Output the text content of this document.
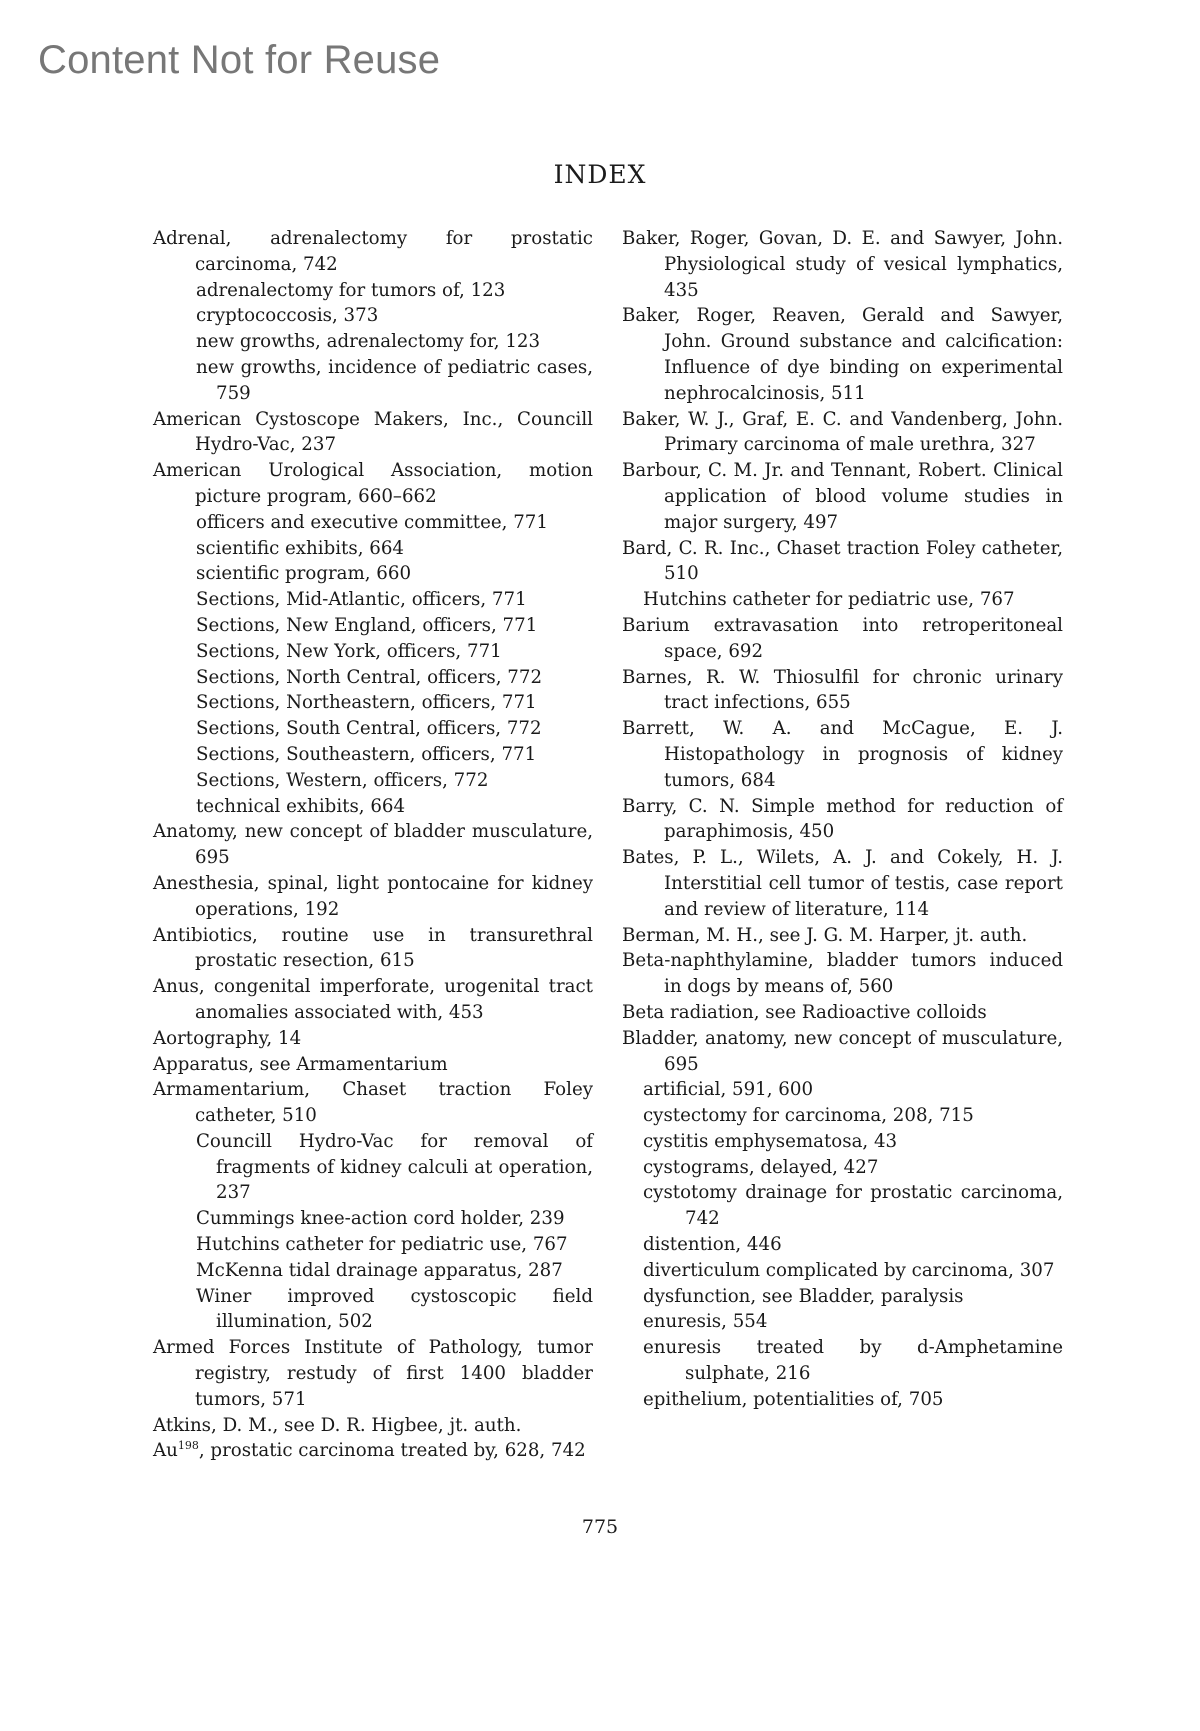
Content Not for Reuse
INDEX
Adrenal, adrenalectomy for prostatic carcinoma, 742
adrenalectomy for tumors of, 123
cryptococcosis, 373
new growths, adrenalectomy for, 123
new growths, incidence of pediatric cases, 759
American Cystoscope Makers, Inc., Councill Hydro-Vac, 237
American Urological Association, motion picture program, 660–662
officers and executive committee, 771
scientific exhibits, 664
scientific program, 660
Sections, Mid-Atlantic, officers, 771
Sections, New England, officers, 771
Sections, New York, officers, 771
Sections, North Central, officers, 772
Sections, Northeastern, officers, 771
Sections, South Central, officers, 772
Sections, Southeastern, officers, 771
Sections, Western, officers, 772
technical exhibits, 664
Anatomy, new concept of bladder musculature, 695
Anesthesia, spinal, light pontocaine for kidney operations, 192
Antibiotics, routine use in transurethral prostatic resection, 615
Anus, congenital imperforate, urogenital tract anomalies associated with, 453
Aortography, 14
Apparatus, see Armamentarium
Armamentarium, Chaset traction Foley catheter, 510
Councill Hydro-Vac for removal of fragments of kidney calculi at operation, 237
Cummings knee-action cord holder, 239
Hutchins catheter for pediatric use, 767
McKenna tidal drainage apparatus, 287
Winer improved cystoscopic field illumination, 502
Armed Forces Institute of Pathology, tumor registry, restudy of first 1400 bladder tumors, 571
Atkins, D. M., see D. R. Higbee, jt. auth.
Au$^{198}$, prostatic carcinoma treated by, 628, 742
Baker, Roger, Govan, D. E. and Sawyer, John. Physiological study of vesical lymphatics, 435
Baker, Roger, Reaven, Gerald and Sawyer, John. Ground substance and calcification: Influence of dye binding on experimental nephrocalcinosis, 511
Baker, W. J., Graf, E. C. and Vandenberg, John. Primary carcinoma of male urethra, 327
Barbour, C. M. Jr. and Tennant, Robert. Clinical application of blood volume studies in major surgery, 497
Bard, C. R. Inc., Chaset traction Foley catheter, 510
Hutchins catheter for pediatric use, 767
Barium extravasation into retroperitoneal space, 692
Barnes, R. W. Thiosulfil for chronic urinary tract infections, 655
Barrett, W. A. and McCague, E. J. Histopathology in prognosis of kidney tumors, 684
Barry, C. N. Simple method for reduction of paraphimosis, 450
Bates, P. L., Wilets, A. J. and Cokely, H. J. Interstitial cell tumor of testis, case report and review of literature, 114
Berman, M. H., see J. G. M. Harper, jt. auth.
Beta-naphthylamine, bladder tumors induced in dogs by means of, 560
Beta radiation, see Radioactive colloids
Bladder, anatomy, new concept of musculature, 695
artificial, 591, 600
cystectomy for carcinoma, 208, 715
cystitis emphysematosa, 43
cystograms, delayed, 427
cystotomy drainage for prostatic carcinoma, 742
distention, 446
diverticulum complicated by carcinoma, 307
dysfunction, see Bladder, paralysis
enuresis, 554
enuresis treated by d-Amphetamine sulphate, 216
epithelium, potentialities of, 705
775
